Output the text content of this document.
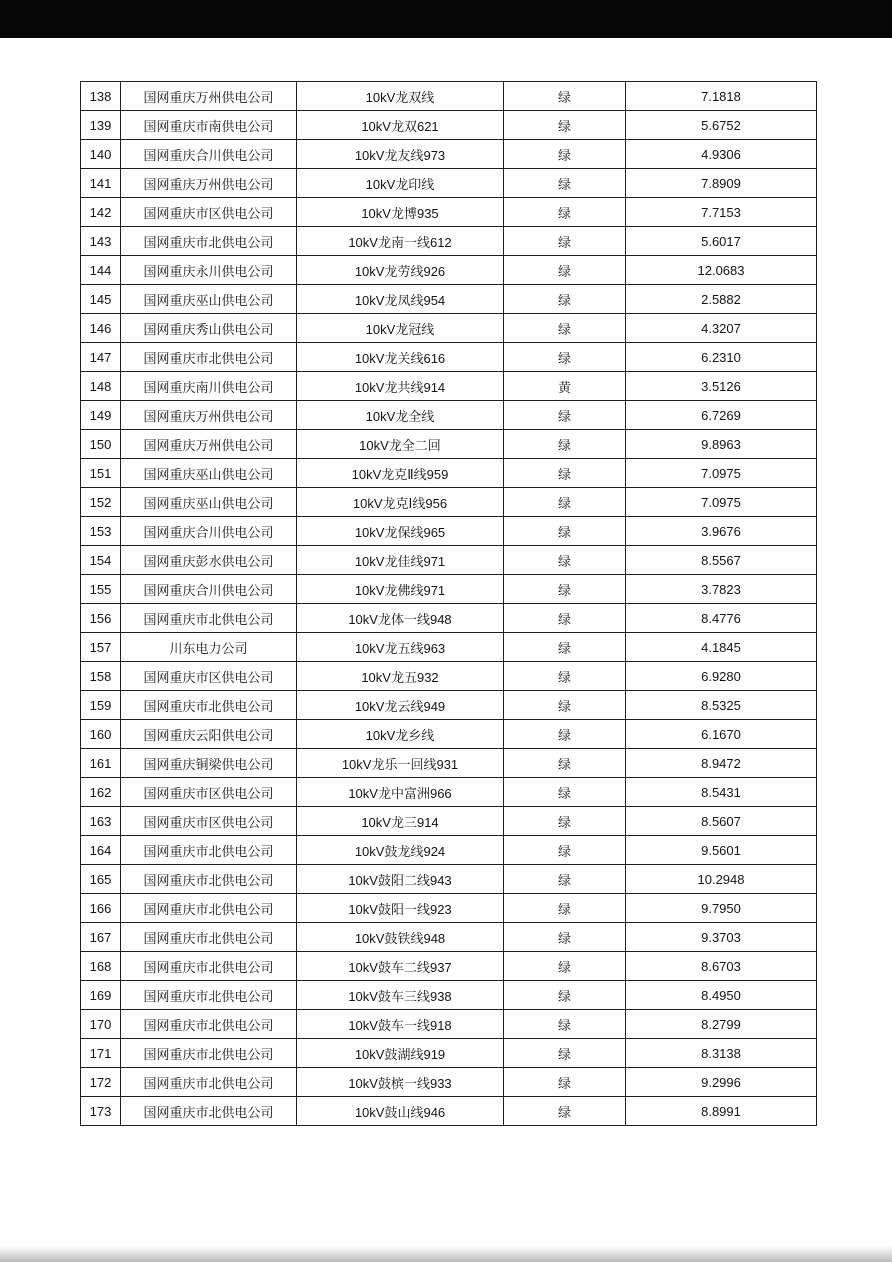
138	国网重庆万州供电公司	10kV龙双线	绿	7.1818
139	国网重庆市南供电公司	10kV龙双621	绿	5.6752
140	国网重庆合川供电公司	10kV龙友线973	绿	4.9306
141	国网重庆万州供电公司	10kV龙印线	绿	7.8909
142	国网重庆市区供电公司	10kV龙博935	绿	7.7153
143	国网重庆市北供电公司	10kV龙南一线612	绿	5.6017
144	国网重庆永川供电公司	10kV龙劳线926	绿	12.0683
145	国网重庆巫山供电公司	10kV龙凤线954	绿	2.5882
146	国网重庆秀山供电公司	10kV龙冠线	绿	4.3207
147	国网重庆市北供电公司	10kV龙关线616	绿	6.2310
148	国网重庆南川供电公司	10kV龙共线914	黄	3.5126
149	国网重庆万州供电公司	10kV龙全线	绿	6.7269
150	国网重庆万州供电公司	10kV龙全二回	绿	9.8963
151	国网重庆巫山供电公司	10kV龙克Ⅱ线959	绿	7.0975
152	国网重庆巫山供电公司	10kV龙克Ⅰ线956	绿	7.0975
153	国网重庆合川供电公司	10kV龙保线965	绿	3.9676
154	国网重庆彭水供电公司	10kV龙佳线971	绿	8.5567
155	国网重庆合川供电公司	10kV龙佛线971	绿	3.7823
156	国网重庆市北供电公司	10kV龙体一线948	绿	8.4776
157	川东电力公司	10kV龙五线963	绿	4.1845
158	国网重庆市区供电公司	10kV龙五932	绿	6.9280
159	国网重庆市北供电公司	10kV龙云线949	绿	8.5325
160	国网重庆云阳供电公司	10kV龙乡线	绿	6.1670
161	国网重庆铜梁供电公司	10kV龙乐一回线931	绿	8.9472
162	国网重庆市区供电公司	10kV龙中富洲966	绿	8.5431
163	国网重庆市区供电公司	10kV龙三914	绿	8.5607
164	国网重庆市北供电公司	10kV鼓龙线924	绿	9.5601
165	国网重庆市北供电公司	10kV鼓阳二线943	绿	10.2948
166	国网重庆市北供电公司	10kV鼓阳一线923	绿	9.7950
167	国网重庆市北供电公司	10kV鼓铁线948	绿	9.3703
168	国网重庆市北供电公司	10kV鼓车二线937	绿	8.6703
169	国网重庆市北供电公司	10kV鼓车三线938	绿	8.4950
170	国网重庆市北供电公司	10kV鼓车一线918	绿	8.2799
171	国网重庆市北供电公司	10kV鼓湖线919	绿	8.3138
172	国网重庆市北供电公司	10kV鼓槟一线933	绿	9.2996
173	国网重庆市北供电公司	10kV鼓山线946	绿	8.8991
